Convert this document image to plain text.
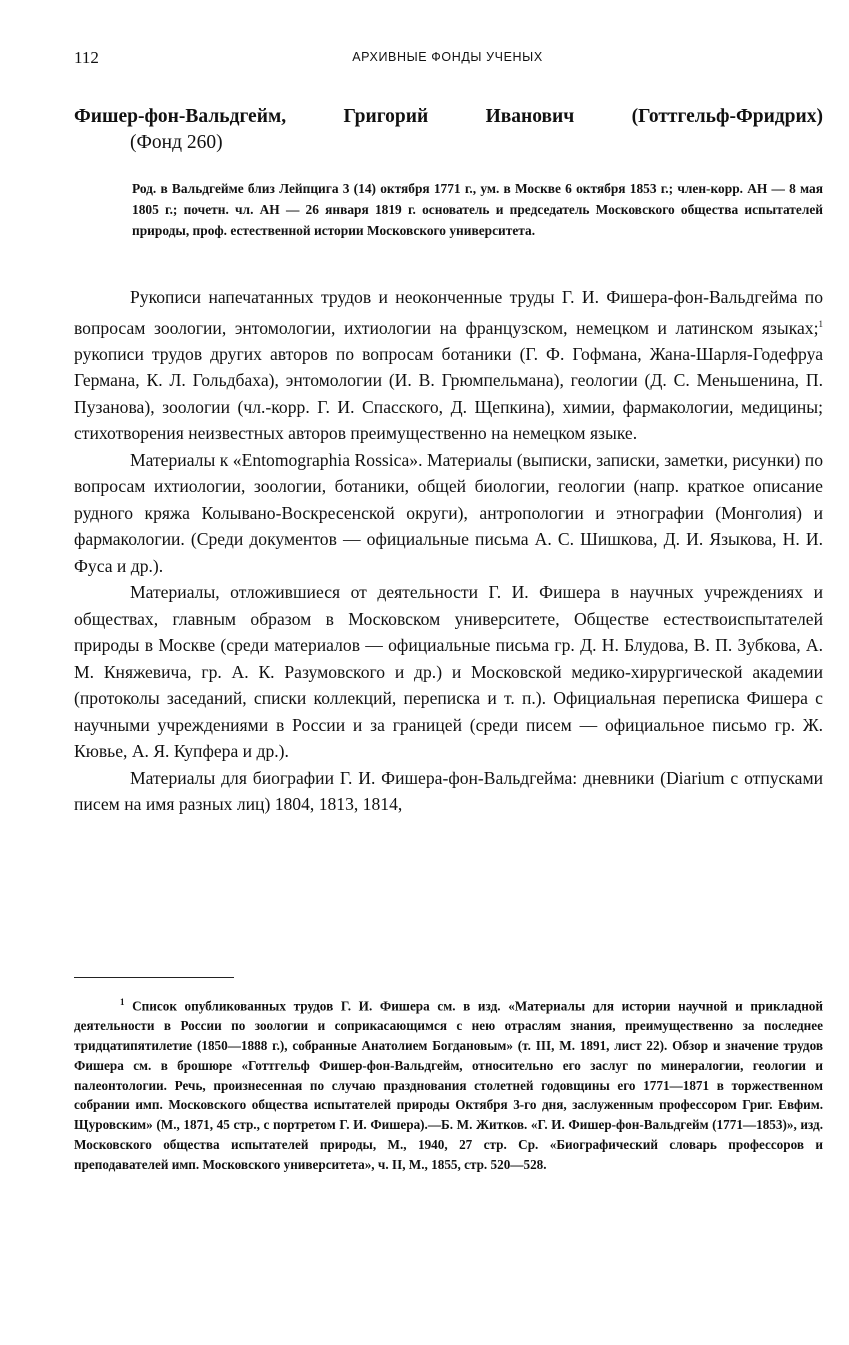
112	АРХИВНЫЕ ФОНДЫ УЧЕНЫХ
Фишер-фон-Вальдгейм,	Григорий	Иванович	(Готтгельф-Фридрих)
(Фонд 260)
Род. в Вальдгейме близ Лейпцига 3 (14) октября 1771 г., ум. в Москве 6 октября 1853 г.; член-корр. АН — 8 мая 1805 г.; почетн. чл. АН — 26 января 1819 г. основатель и председатель Московского общества испытателей природы, проф. естественной истории Московского университета.

Рукописи напечатанных трудов и неоконченные труды Г. И. Фишера-фон-Вальдгейма по вопросам зоологии, энтомологии, ихтиологии на французском, немецком и латинском языках;$^1$ рукописи трудов других авторов по вопросам ботаники (Г. Ф. Гофмана, Жана-Шарля-Годефруа Германа, К. Л. Гольдбаха), энтомологии (И. В. Грюмпельмана), геологии (Д. С. Меньшенина, П. Пузанова), зоологии (чл.-корр. Г. И. Спасского, Д. Щепкина), химии, фармакологии, медицины; стихотворения неизвестных авторов преимущественно на немецком языке.

Материалы к «Entomographia Rossica». Материалы (выписки, записки, заметки, рисунки) по вопросам ихтиологии, зоологии, ботаники, общей биологии, геологии (напр. краткое описание рудного кряжа Колывано-Воскресенской округи), антропологии и этнографии (Монголия) и фармакологии. (Среди документов — официальные письма А. С. Шишкова, Д. И. Языкова, Н. И. Фуса и др.).

Материалы, отложившиеся от деятельности Г. И. Фишера в научных учреждениях и обществах, главным образом в Московском университете, Обществе естествоиспытателей природы в Москве (среди материалов — официальные письма гр. Д. Н. Блудова, В. П. Зубкова, А. М. Княжевича, гр. А. К. Разумовского и др.) и Московской медико-хирургической академии (протоколы заседаний, списки коллекций, переписка и т. п.). Официальная переписка Фишера с научными учреждениями в России и за границей (среди писем — официальное письмо гр. Ж. Кювье, А. Я. Купфера и др.).

Материалы для биографии Г. И. Фишера-фон-Вальдгейма: дневники (Diarium с отпусками писем на имя разных лиц) 1804, 1813, 1814,

$^1$ Список опубликованных трудов Г. И. Фишера см. в изд. «Материалы для истории научной и прикладной деятельности в России по зоологии и соприкасающимся с нею отраслям знания, преимущественно за последнее тридцатипятилетие (1850—1888 г.), собранные Анатолием Богдановым» (т. III, М. 1891, лист 22). Обзор и значение трудов Фишера см. в брошюре «Готтгельф Фишер-фон-Вальдгейм, относительно его заслуг по минералогии, геологии и палеонтологии. Речь, произнесенная по случаю празднования столетней годовщины его 1771—1871 в торжественном собрании имп. Московского общества испытателей природы Октября 3-го дня, заслуженным профессором Григ. Евфим. Щуровским» (М., 1871, 45 стр., с портретом Г. И. Фишера).—Б. М. Житков. «Г. И. Фишер-фон-Вальдгейм (1771—1853)», изд. Московского общества испытателей природы, М., 1940, 27 стр. Ср. «Биографический словарь профессоров и преподавателей имп. Московского университета», ч. II, М., 1855, стр. 520—528.
